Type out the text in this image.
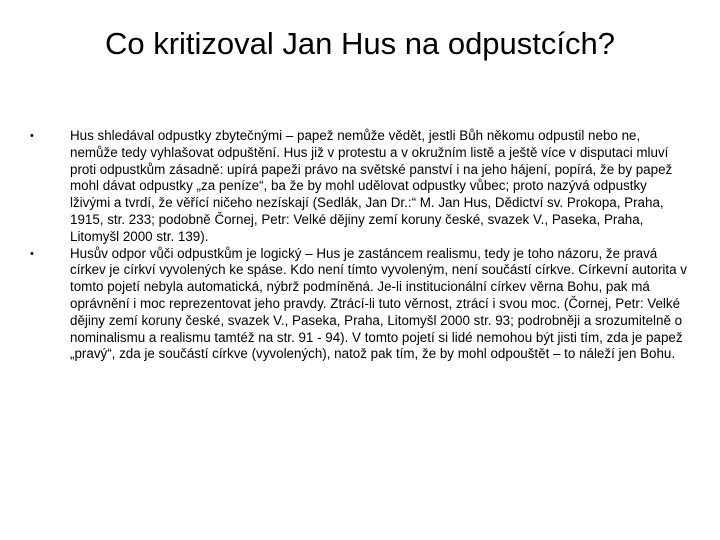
Co kritizoval Jan Hus na odpustcích?
•	Hus shledával odpustky zbytečnými – papež nemůže vědět, jestli Bůh někomu odpustil nebo ne, nemůže tedy vyhlašovat odpuštění. Hus již v protestu a v okružním listě a ještě více v disputaci mluví proti odpustkům zásadně: upírá papeži právo na světské panství i na jeho hájení, popírá, že by papež mohl dávat odpustky „za peníze“, ba že by mohl udělovat odpustky vůbec; proto nazývá odpustky lživými a tvrdí, že věřící ničeho nezískají (Sedlák, Jan Dr.:“ M. Jan Hus, Dědictví sv. Prokopa, Praha, 1915, str. 233; podobně Čornej, Petr: Velké dějiny zemí koruny české, svazek V., Paseka, Praha, Litomyšl 2000 str. 139).
•	Husův odpor vůči odpustkům je logický – Hus je zastáncem realismu, tedy je toho názoru, že pravá církev je církví vyvolených ke spáse. Kdo není tímto vyvoleným, není součástí církve. Církevní autorita v tomto pojetí nebyla automatická, nýbrž podmíněná. Je-li institucionální církev věrna Bohu, pak má oprávnění i moc reprezentovat jeho pravdy. Ztrácí-li tuto věrnost, ztrácí i svou moc. (Čornej, Petr: Velké dějiny zemí koruny české, svazek V., Paseka, Praha, Litomyšl 2000 str. 93; podrobněji a srozumitelně o nominalismu a realismu tamtéž na str. 91 - 94). V tomto pojetí si lidé nemohou být jisti tím, zda je papež „pravý“, zda je součástí církve (vyvolených), natož pak tím, že by mohl odpouštět – to náleží jen Bohu.
